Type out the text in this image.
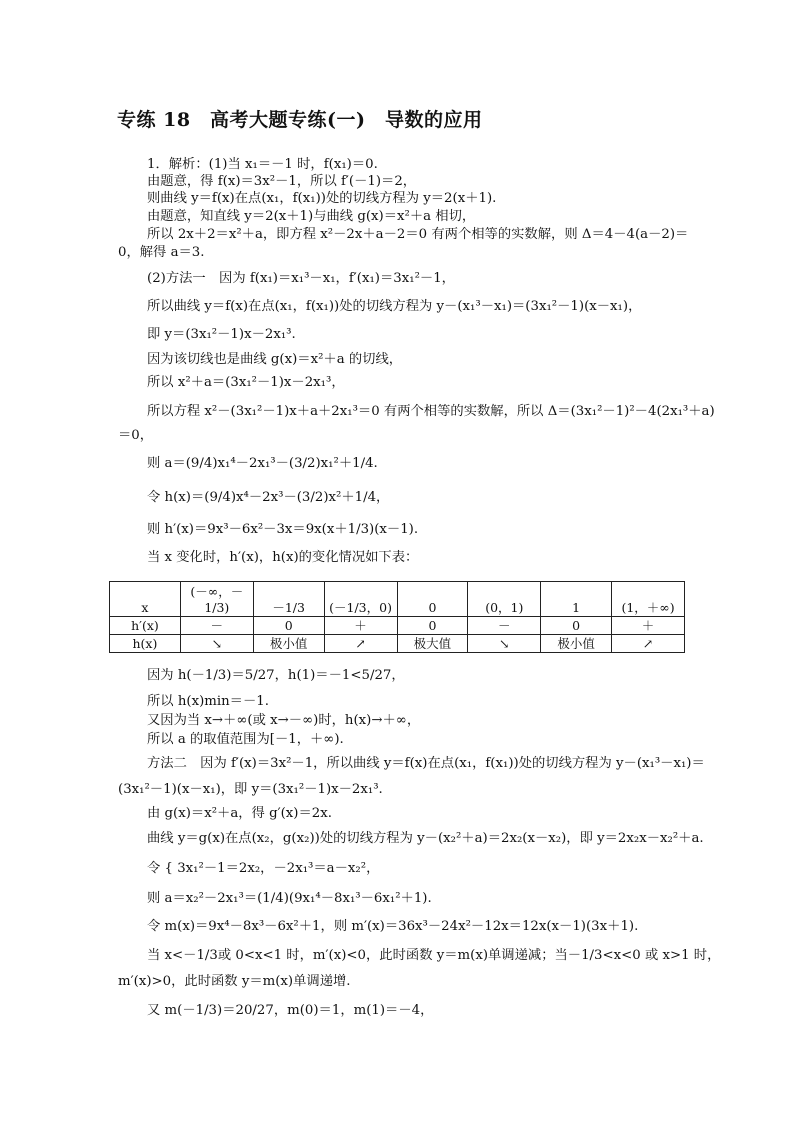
专练 18　高考大题专练(一)　导数的应用
1．解析：(1)当 x₁＝－1 时，f(x₁)＝0.
由题意，得 f(x)＝3x²－1，所以 f′(－1)＝2，
则曲线 y＝f(x)在点(x₁，f(x₁))处的切线方程为 y＝2(x＋1).
由题意，知直线 y＝2(x＋1)与曲线 g(x)＝x²＋a 相切，
所以 2x＋2＝x²＋a，即方程 x²－2x＋a－2＝0 有两个相等的实数解，则 Δ＝4－4(a－2)＝
0，解得 a＝3.
(2)方法一　因为 f(x₁)＝x₁³－x₁，f′(x₁)＝3x₁²－1，
所以曲线 y＝f(x)在点(x₁，f(x₁))处的切线方程为 y－(x₁³－x₁)＝(3x₁²－1)(x－x₁)，
即 y＝(3x₁²－1)x－2x₁³.
因为该切线也是曲线 g(x)＝x²＋a 的切线，
所以 x²＋a＝(3x₁²－1)x－2x₁³，
所以方程 x²－(3x₁²－1)x＋a＋2x₁³＝0 有两个相等的实数解，所以 Δ＝(3x₁²－1)²－4(2x₁³＋a)
＝0，
则 a＝(9/4)x₁⁴－2x₁³－(3/2)x₁²＋1/4.
令 h(x)＝(9/4)x⁴－2x³－(3/2)x²＋1/4，
则 h′(x)＝9x³－6x²－3x＝9x(x＋1/3)(x－1).
当 x 变化时，h′(x)，h(x)的变化情况如下表：
x	(－∞，－1/3)	－1/3	(－1/3，0)	0	(0，1)	1	(1，＋∞)
h′(x)	－	0	＋	0	－	0	＋
h(x)	↘	极小值	↗	极大值	↘	极小值	↗
因为 h(－1/3)＝5/27，h(1)＝－1<5/27，
所以 h(x)min＝－1.
又因为当 x→＋∞(或 x→－∞)时，h(x)→＋∞，
所以 a 的取值范围为[－1，＋∞).
方法二　因为 f′(x)＝3x²－1，所以曲线 y＝f(x)在点(x₁，f(x₁))处的切线方程为 y－(x₁³－x₁)＝
(3x₁²－1)(x－x₁)，即 y＝(3x₁²－1)x－2x₁³.
由 g(x)＝x²＋a，得 g′(x)＝2x.
曲线 y＝g(x)在点(x₂，g(x₂))处的切线方程为 y－(x₂²＋a)＝2x₂(x－x₂)，即 y＝2x₂x－x₂²＋a.
令 { 3x₁²－1＝2x₂，－2x₁³＝a－x₂²，
则 a＝x₂²－2x₁³＝(1/4)(9x₁⁴－8x₁³－6x₁²＋1).
令 m(x)＝9x⁴－8x³－6x²＋1，则 m′(x)＝36x³－24x²－12x＝12x(x－1)(3x＋1).
当 x<－1/3或 0<x<1 时，m′(x)<0，此时函数 y＝m(x)单调递减；当－1/3<x<0 或 x>1 时，
m′(x)>0，此时函数 y＝m(x)单调递增.
又 m(－1/3)＝20/27，m(0)＝1，m(1)＝－4，
